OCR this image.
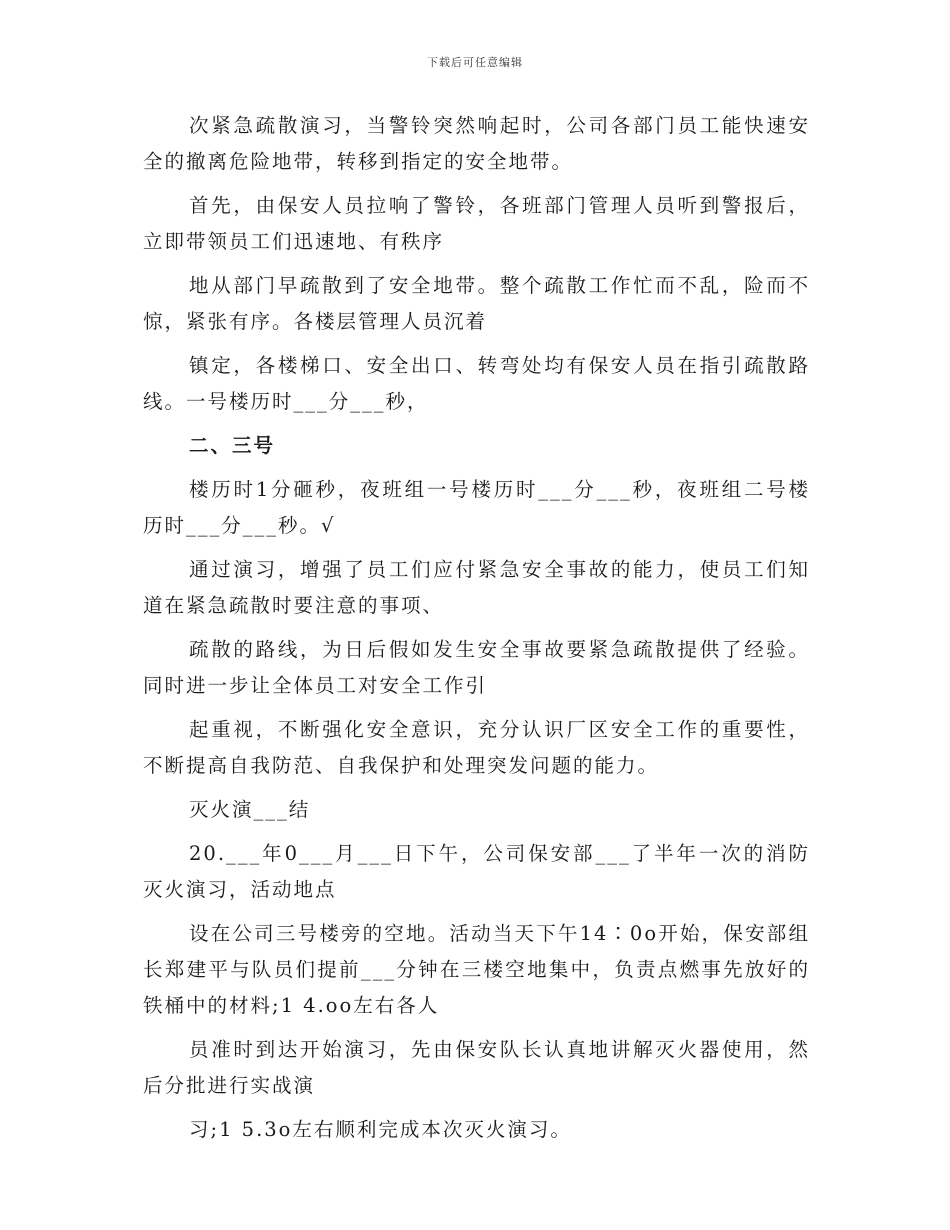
下载后可任意编辑

次紧急疏散演习，当警铃突然响起时，公司各部门员工能快速安全的撤离危险地带，转移到指定的安全地带。

首先，由保安人员拉响了警铃，各班部门管理人员听到警报后，立即带领员工们迅速地、有秩序

地从部门早疏散到了安全地带。整个疏散工作忙而不乱，险而不惊，紧张有序。各楼层管理人员沉着

镇定，各楼梯口、安全出口、转弯处均有保安人员在指引疏散路线。一号楼历时___分___秒，

二、三号

楼历时1分砸秒，夜班组一号楼历时___分___秒，夜班组二号楼历时___分___秒。√

通过演习，增强了员工们应付紧急安全事故的能力，使员工们知道在紧急疏散时要注意的事项、

疏散的路线，为日后假如发生安全事故要紧急疏散提供了经验。同时进一步让全体员工对安全工作引

起重视，不断强化安全意识，充分认识厂区安全工作的重要性，不断提高自我防范、自我保护和处理突发问题的能力。

灭火演___结

20.___年0___月___日下午，公司保安部___了半年一次的消防灭火演习，活动地点

设在公司三号楼旁的空地。活动当天下午14∶0o开始，保安部组长郑建平与队员们提前___分钟在三楼空地集中，负责点燃事先放好的铁桶中的材料;1 4.oo左右各人

员准时到达开始演习，先由保安队长认真地讲解灭火器使用，然后分批进行实战演

习;1 5.3o左右顺利完成本次灭火演习。
